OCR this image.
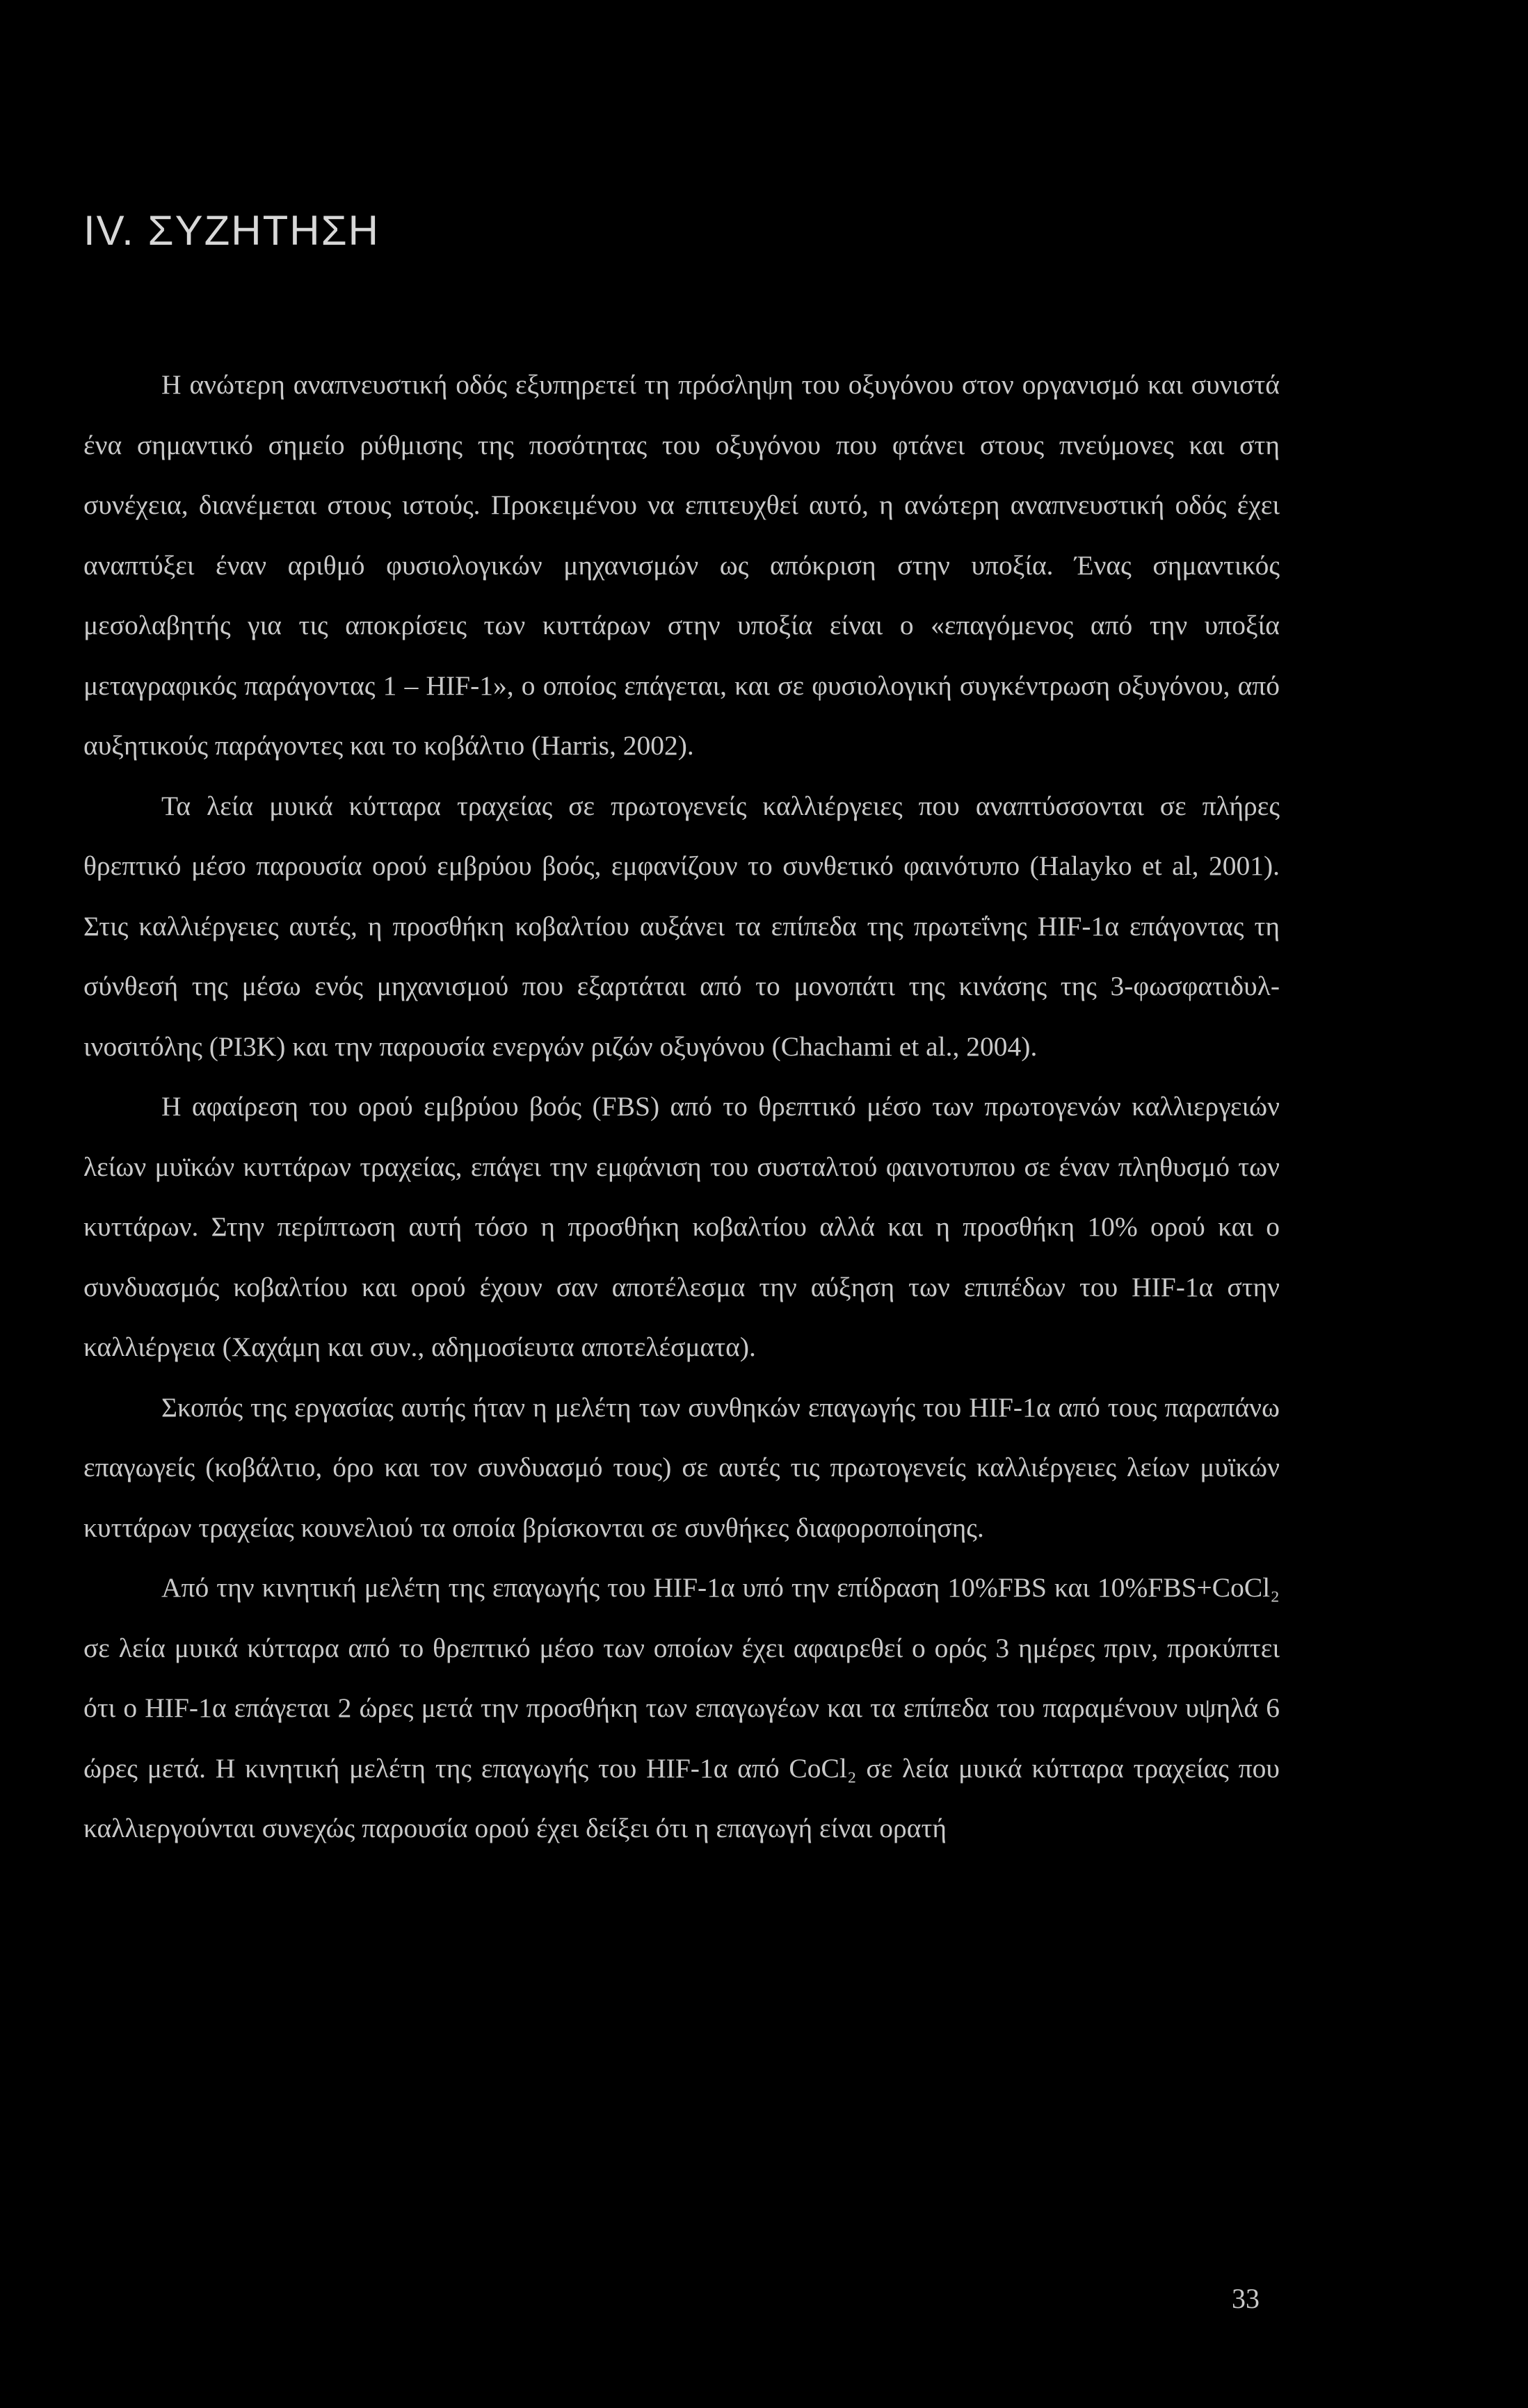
IV. ΣΥΖΗΤΗΣΗ

Η ανώτερη αναπνευστική οδός εξυπηρετεί τη πρόσληψη του οξυγόνου στον οργανισμό και συνιστά ένα σημαντικό σημείο ρύθμισης της ποσότητας του οξυγόνου που φτάνει στους πνεύμονες και στη συνέχεια, διανέμεται στους ιστούς. Προκειμένου να επιτευχθεί αυτό, η ανώτερη αναπνευστική οδός έχει αναπτύξει έναν αριθμό φυσιολογικών μηχανισμών ως απόκριση στην υποξία. Ένας σημαντικός μεσολαβητής για τις αποκρίσεις των κυττάρων στην υποξία είναι ο «επαγόμενος από την υποξία μεταγραφικός παράγοντας 1 – HIF-1», ο οποίος επάγεται, και σε φυσιολογική συγκέντρωση οξυγόνου, από αυξητικούς παράγοντες και το κοβάλτιο (Harris, 2002).

Τα λεία μυικά κύτταρα τραχείας σε πρωτογενείς καλλιέργειες που αναπτύσσονται σε πλήρες θρεπτικό μέσο παρουσία ορού εμβρύου βοός, εμφανίζουν το συνθετικό φαινότυπο (Halayko et al, 2001). Στις καλλιέργειες αυτές, η προσθήκη κοβαλτίου αυξάνει τα επίπεδα της πρωτεΐνης HIF-1α επάγοντας τη σύνθεσή της μέσω ενός μηχανισμού που εξαρτάται από το μονοπάτι της κινάσης της 3-φωσφατιδυλ-ινοσιτόλης (PI3K) και την παρουσία ενεργών ριζών οξυγόνου (Chachami et al., 2004).

Η αφαίρεση του ορού εμβρύου βοός (FBS) από το θρεπτικό μέσο των πρωτογενών καλλιεργειών λείων μυϊκών κυττάρων τραχείας, επάγει την εμφάνιση του συσταλτού φαινοτυπου σε έναν πληθυσμό των κυττάρων. Στην περίπτωση αυτή τόσο η προσθήκη κοβαλτίου αλλά και η προσθήκη 10% ορού και ο συνδυασμός κοβαλτίου και ορού έχουν σαν αποτέλεσμα την αύξηση των επιπέδων του HIF-1α στην καλλιέργεια (Χαχάμη και συν., αδημοσίευτα αποτελέσματα).

Σκοπός της εργασίας αυτής ήταν η μελέτη των συνθηκών επαγωγής του HIF-1α από τους παραπάνω επαγωγείς (κοβάλτιο, όρο και τον συνδυασμό τους) σε αυτές τις πρωτογενείς καλλιέργειες λείων μυϊκών κυττάρων τραχείας κουνελιού τα οποία βρίσκονται σε συνθήκες διαφοροποίησης.

Από την κινητική μελέτη της επαγωγής του HIF-1α υπό την επίδραση 10%FBS και 10%FBS+CoCl₂ σε λεία μυικά κύτταρα από το θρεπτικό μέσο των οποίων έχει αφαιρεθεί ο ορός 3 ημέρες πριν, προκύπτει ότι ο HIF-1α επάγεται 2 ώρες μετά την προσθήκη των επαγωγέων και τα επίπεδα του παραμένουν υψηλά 6 ώρες μετά. Η κινητική μελέτη της επαγωγής του HIF-1α από CoCl₂ σε λεία μυικά κύτταρα τραχείας που καλλιεργούνται συνεχώς παρουσία ορού έχει δείξει ότι η επαγωγή είναι ορατή

33
